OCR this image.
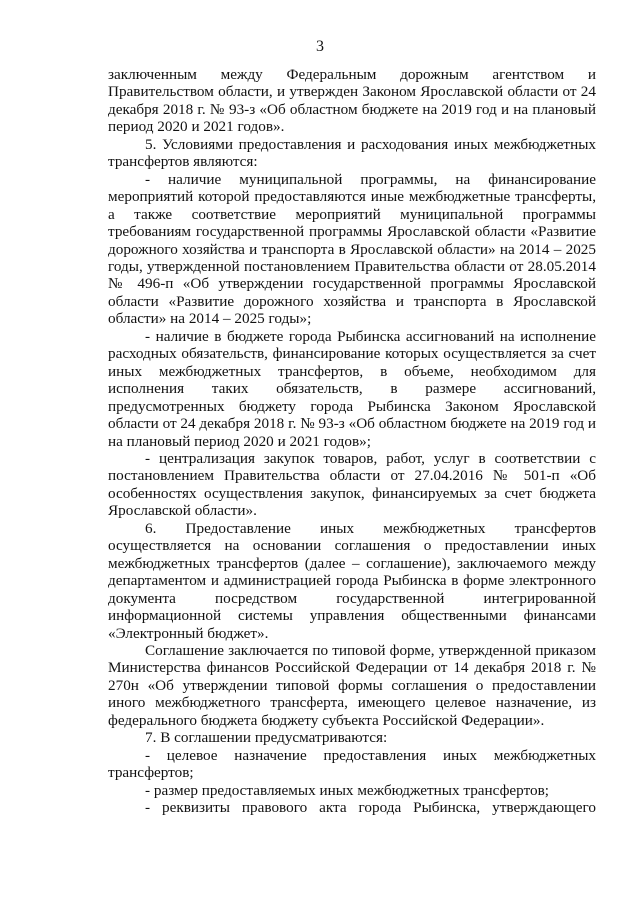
3

заключенным между Федеральным дорожным агентством и Правительством области, и утвержден Законом Ярославской области от 24 декабря 2018 г. № 93-з «Об областном бюджете на 2019 год и на плановый период 2020 и 2021 годов».

5. Условиями предоставления и расходования иных межбюджетных трансфертов являются:

- наличие муниципальной программы, на финансирование мероприятий которой предоставляются иные межбюджетные трансферты, а также соответствие мероприятий муниципальной программы требованиям государственной программы Ярославской области «Развитие дорожного хозяйства и транспорта в Ярославской области» на 2014 – 2025 годы, утвержденной постановлением Правительства области от 28.05.2014 № 496-п «Об утверждении государственной программы Ярославской области «Развитие дорожного хозяйства и транспорта в Ярославской области» на 2014 – 2025 годы»;

- наличие в бюджете города Рыбинска ассигнований на исполнение расходных обязательств, финансирование которых осуществляется за счет иных межбюджетных трансфертов, в объеме, необходимом для исполнения таких обязательств, в размере ассигнований, предусмотренных бюджету города Рыбинска Законом Ярославской области от 24 декабря 2018 г. № 93-з «Об областном бюджете на 2019 год и на плановый период 2020 и 2021 годов»;

- централизация закупок товаров, работ, услуг в соответствии с постановлением Правительства области от 27.04.2016 № 501-п «Об особенностях осуществления закупок, финансируемых за счет бюджета Ярославской области».

6. Предоставление иных межбюджетных трансфертов осуществляется на основании соглашения о предоставлении иных межбюджетных трансфертов (далее – соглашение), заключаемого между департаментом и администрацией города Рыбинска в форме электронного документа посредством государственной интегрированной информационной системы управления общественными финансами «Электронный бюджет».

Соглашение заключается по типовой форме, утвержденной приказом Министерства финансов Российской Федерации от 14 декабря 2018 г. № 270н «Об утверждении типовой формы соглашения о предоставлении иного межбюджетного трансферта, имеющего целевое назначение, из федерального бюджета бюджету субъекта Российской Федерации».

7. В соглашении предусматриваются:

- целевое назначение предоставления иных межбюджетных трансфертов;

- размер предоставляемых иных межбюджетных трансфертов;

- реквизиты правового акта города Рыбинска, утверждающего
